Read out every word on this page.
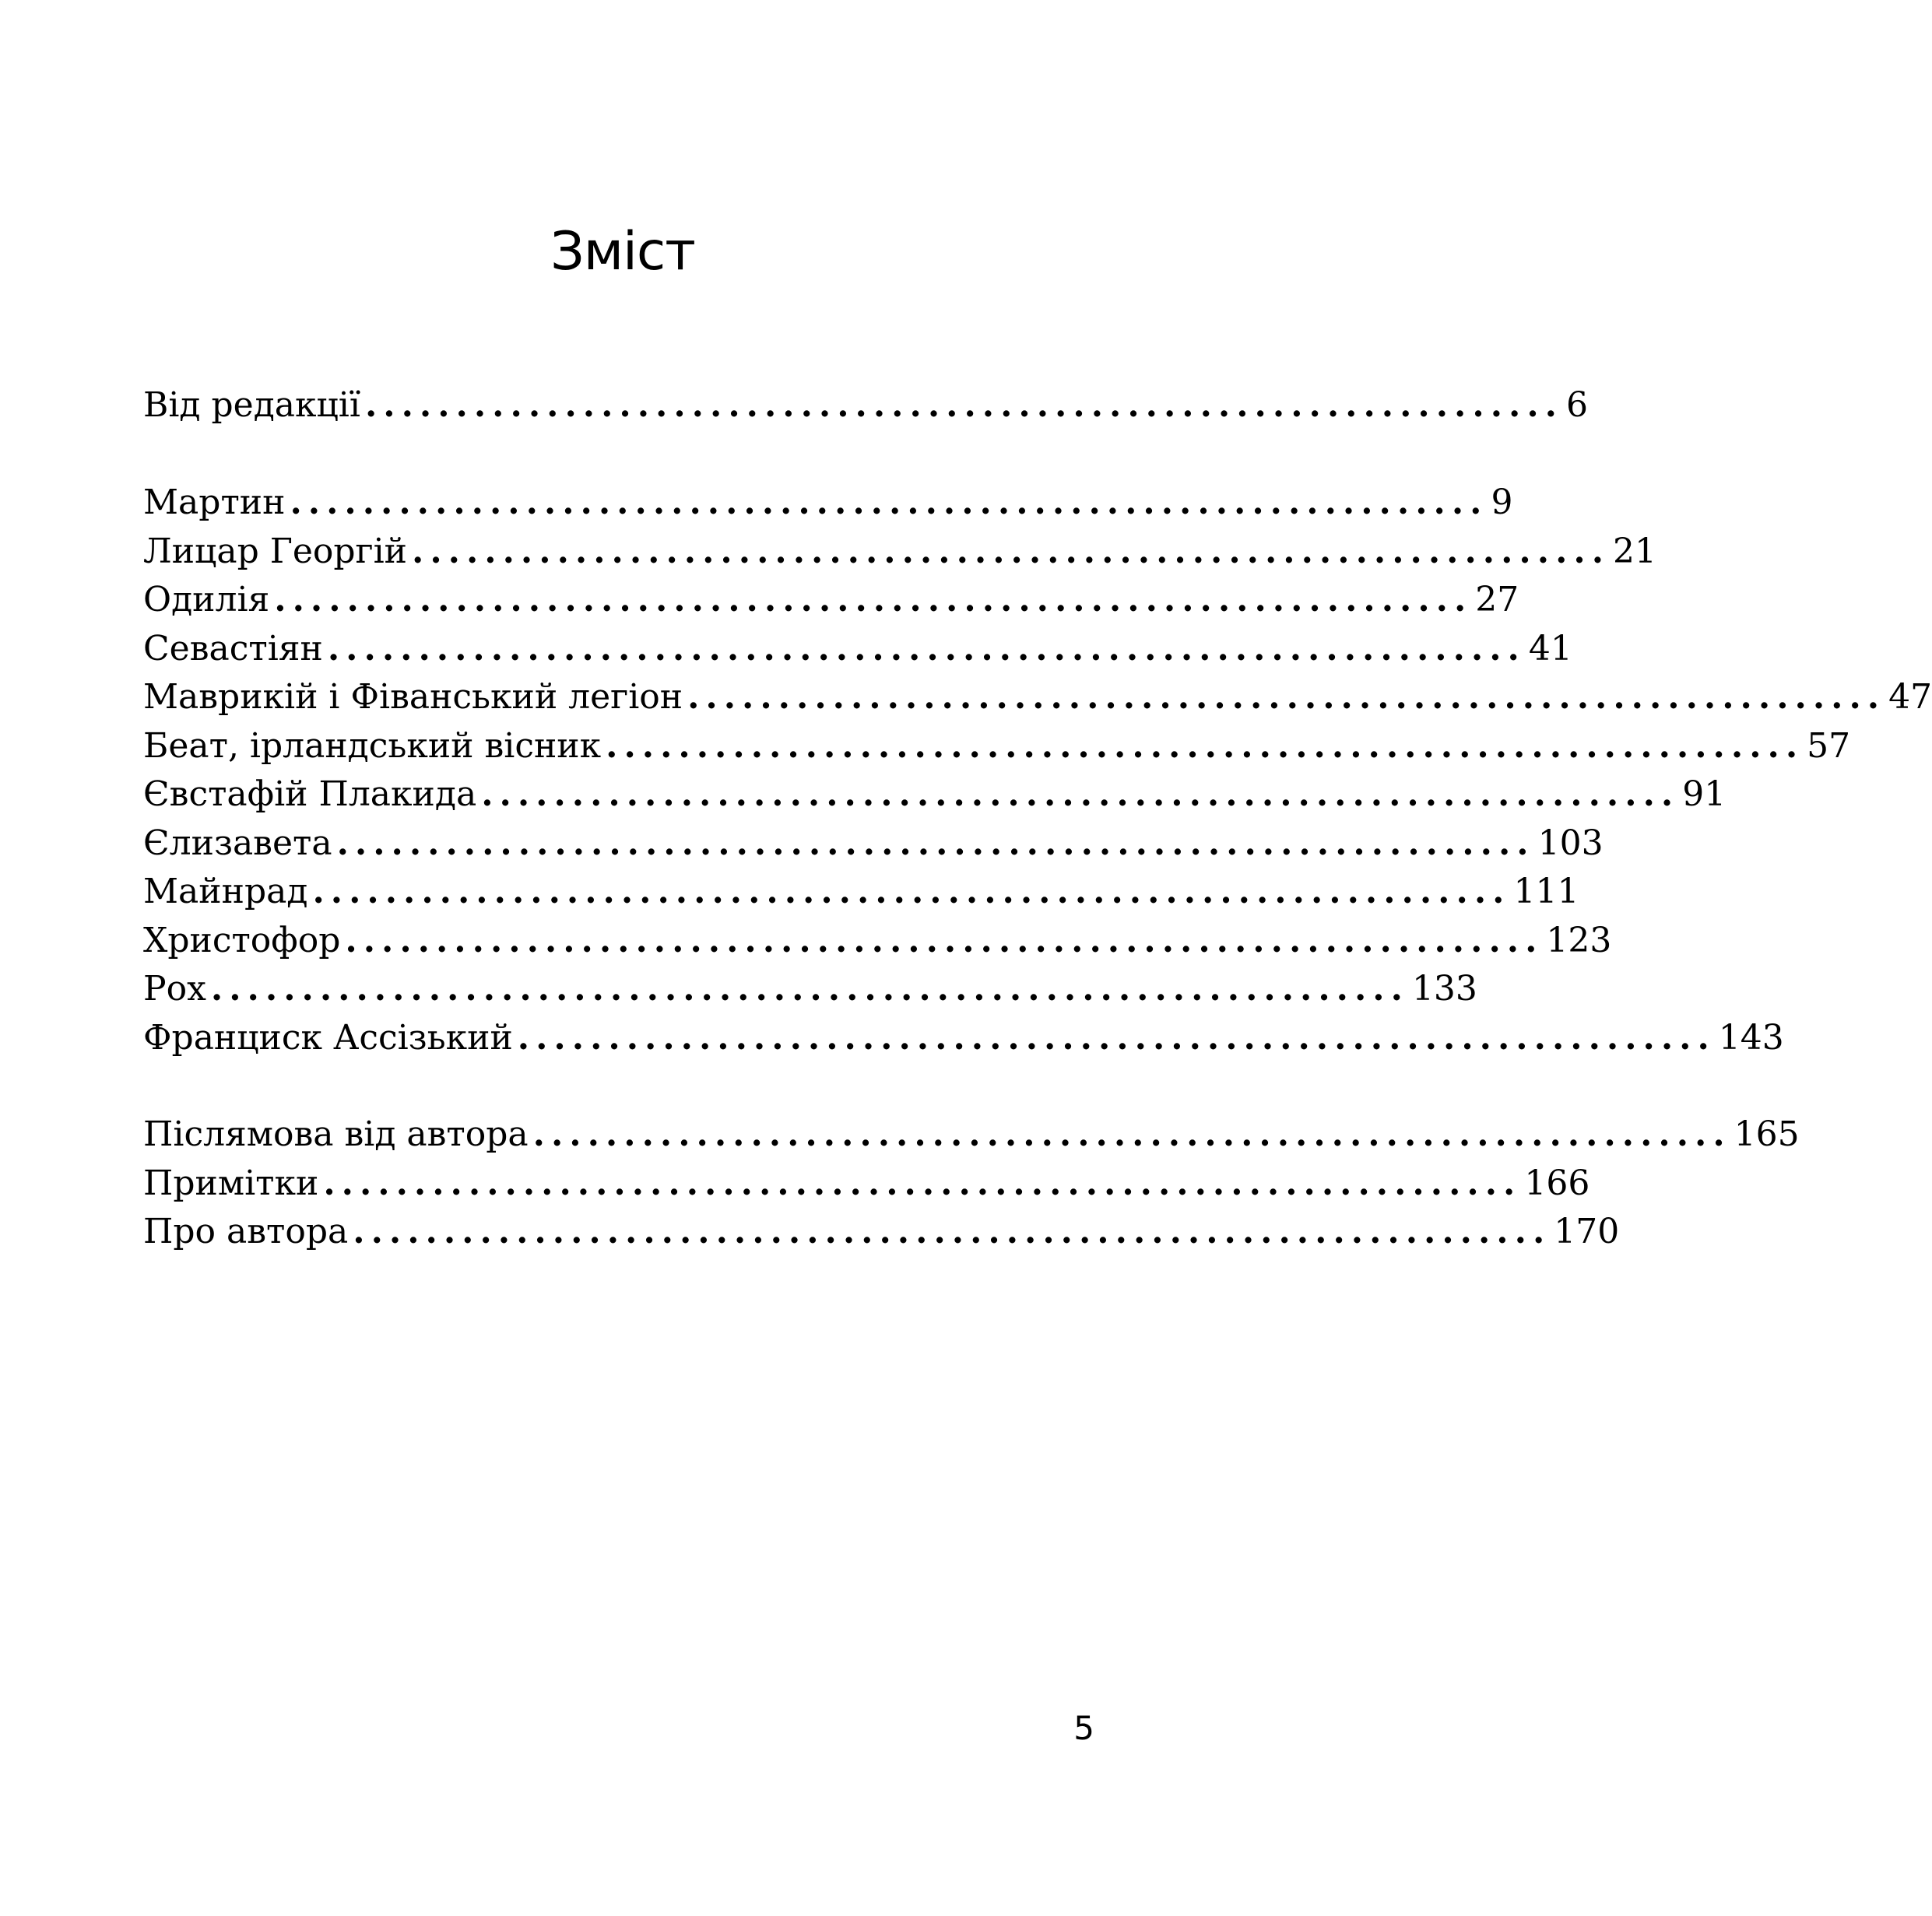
Зміст
Від редакції .................................................................. 6
Мартин .................................................................. 9
Лицар Георгій .................................................................. 21
Одилія .................................................................. 27
Севастіян .................................................................. 41
Маврикій і Фіванський легіон .................................................................. 47
Беат, ірландський вісник .................................................................. 57
Євстафій Плакида .................................................................. 91
Єлизавета .................................................................. 103
Майнрад .................................................................. 111
Христофор .................................................................. 123
Рох .................................................................. 133
Франциск Ассізький .................................................................. 143
Післямова від автора .................................................................. 165
Примітки .................................................................. 166
Про автора .................................................................. 170
5
